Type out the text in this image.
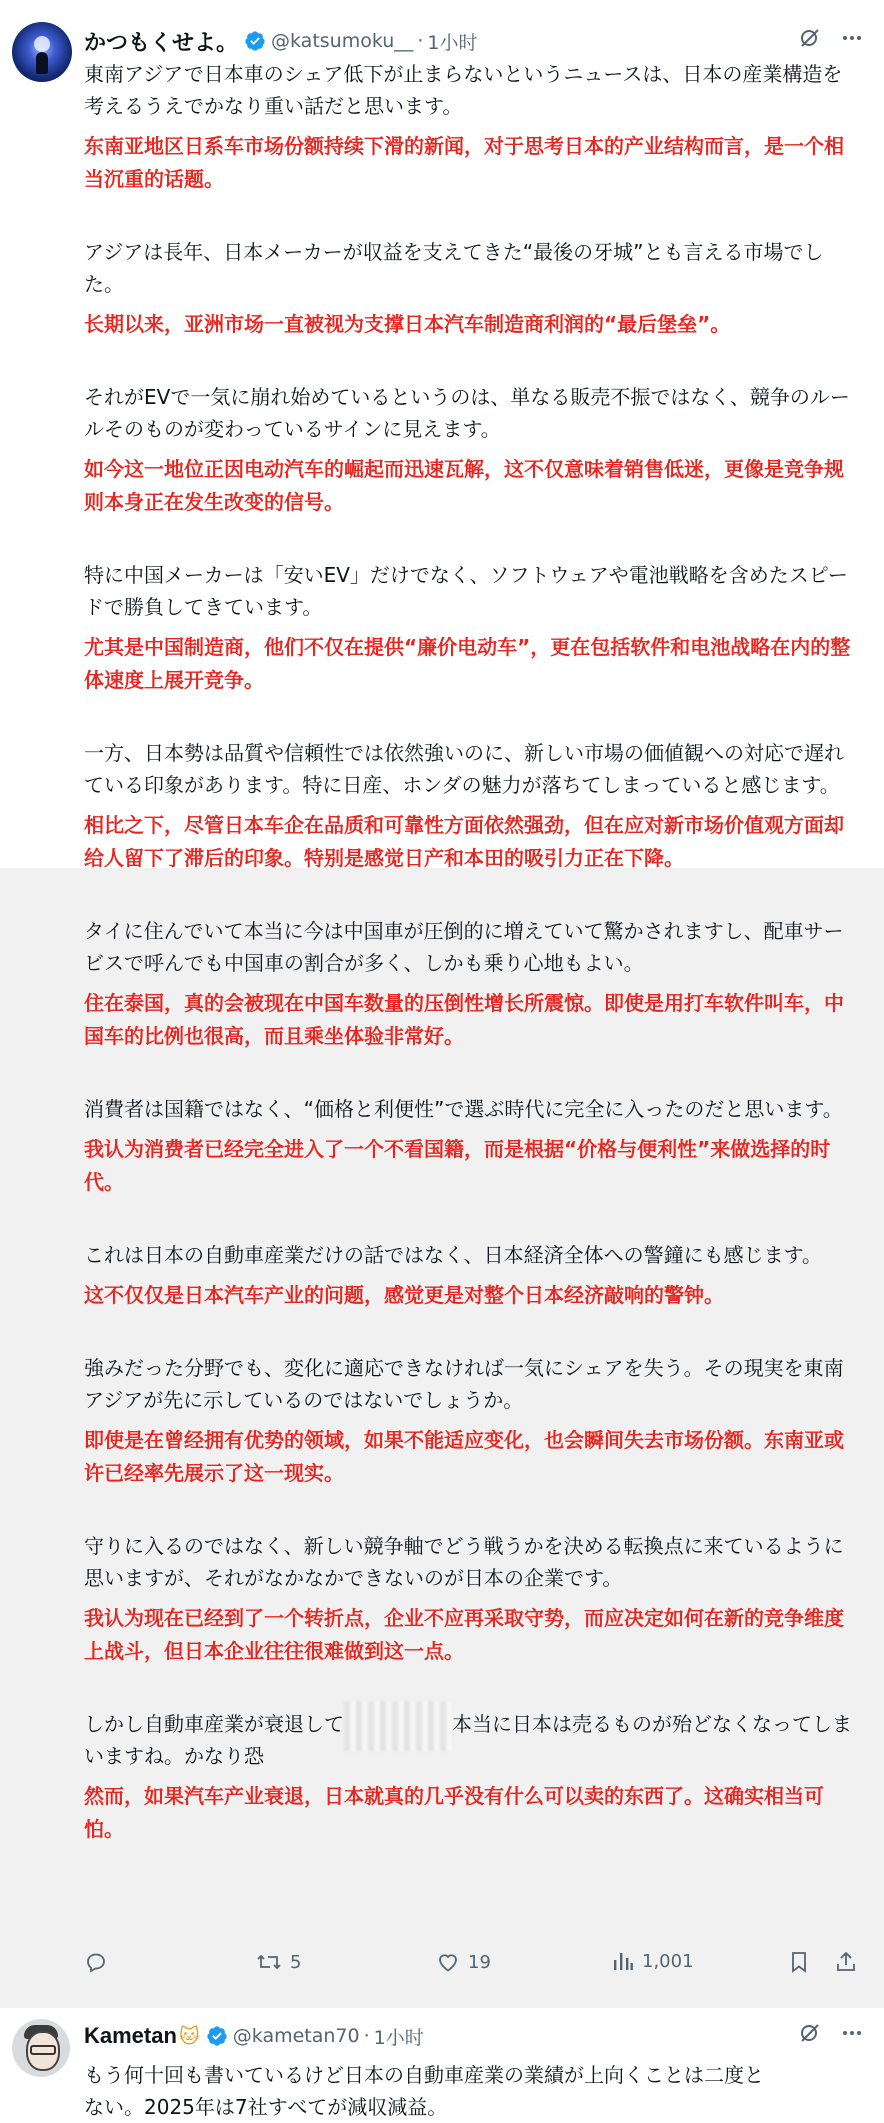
かつもくせよ。 @katsumoku__ · 1小时

東南アジアで日本車のシェア低下が止まらないというニュースは、日本の産業構造を考えるうえでかなり重い話だと思います。

东南亚地区日系车市场份额持续下滑的新闻，对于思考日本的产业结构而言，是一个相当沉重的话题。

アジアは長年、日本メーカーが収益を支えてきた“最後の牙城”とも言える市場でした。

长期以来，亚洲市场一直被视为支撑日本汽车制造商利润的“最后堡垒”。

それがEVで一気に崩れ始めているというのは、単なる販売不振ではなく、競争のルールそのものが変わっているサインに見えます。

如今这一地位正因电动汽车的崛起而迅速瓦解，这不仅意味着销售低迷，更像是竞争规则本身正在发生改变的信号。

特に中国メーカーは「安いEV」だけでなく、ソフトウェアや電池戦略を含めたスピードで勝負してきています。

尤其是中国制造商，他们不仅在提供“廉价电动车”，更在包括软件和电池战略在内的整体速度上展开竞争。

一方、日本勢は品質や信頼性では依然強いのに、新しい市場の価値観への対応で遅れている印象があります。特に日産、ホンダの魅力が落ちてしまっていると感じます。

相比之下，尽管日本车企在品质和可靠性方面依然强劲，但在应对新市场价值观方面却给人留下了滞后的印象。特别是感觉日产和本田的吸引力正在下降。

タイに住んでいて本当に今は中国車が圧倒的に増えていて驚かされますし、配車サービスで呼んでも中国車の割合が多く、しかも乗り心地もよい。

住在泰国，真的会被现在中国车数量的压倒性增长所震惊。即使是用打车软件叫车，中国车的比例也很高，而且乘坐体验非常好。

消費者は国籍ではなく、“価格と利便性”で選ぶ時代に完全に入ったのだと思います。

我认为消费者已经完全进入了一个不看国籍，而是根据“价格与便利性”来做选择的时代。

これは日本の自動車産業だけの話ではなく、日本経済全体への警鐘にも感じます。

这不仅仅是日本汽车产业的问题，感觉更是对整个日本经济敲响的警钟。

強みだった分野でも、変化に適応できなければ一気にシェアを失う。その現実を東南アジアが先に示しているのではないでしょうか。

即使是在曾经拥有优势的领域，如果不能适应变化，也会瞬间失去市场份额。东南亚或许已经率先展示了这一现实。

守りに入るのではなく、新しい競争軸でどう戦うかを決める転換点に来ているように思いますが、それがなかなかできないのが日本の企業です。

我认为现在已经到了一个转折点，企业不应再采取守势，而应决定如何在新的竞争维度上战斗，但日本企业往往很难做到这一点。

しかし自動車産業が衰退して	本当に日本は売るものが殆どなくなってしまいますね。かなり恐

然而，如果汽车产业衰退，日本就真的几乎没有什么可以卖的东西了。这确实相当可怕。

5	19	1,001
Kametan 🐱 @kametan70 · 1小时

もう何十回も書いているけど日本の自動車産業の業績が上向くことは二度と

ない。2025年は7社すべてが減収減益。
